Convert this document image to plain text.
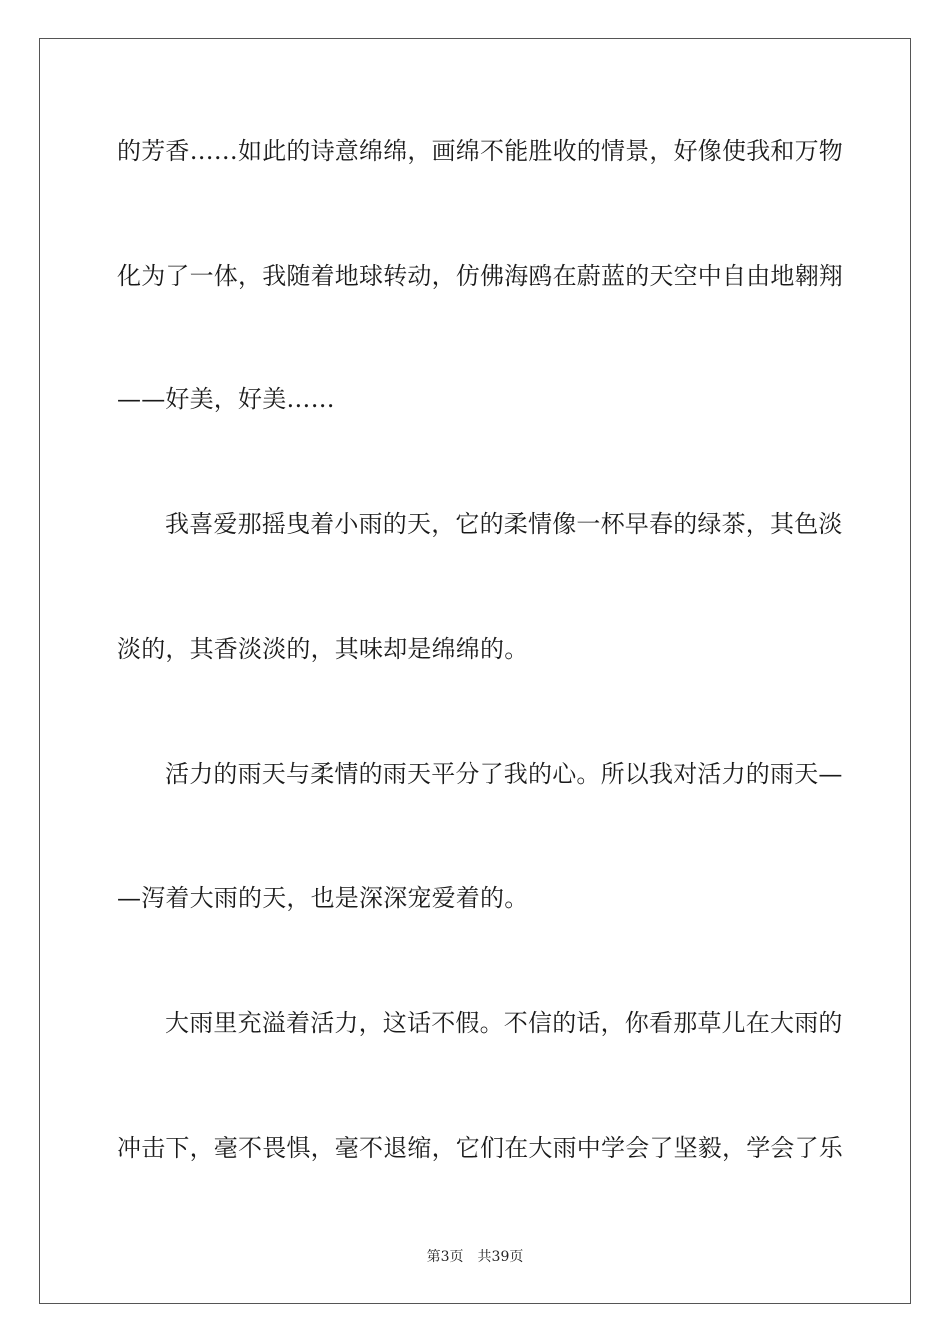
的芳香……如此的诗意绵绵，画绵不能胜收的情景，好像使我和万物
化为了一体，我随着地球转动，仿佛海鸥在蔚蓝的天空中自由地翱翔
——好美，好美……
我喜爱那摇曳着小雨的天，它的柔情像一杯早春的绿茶，其色淡
淡的，其香淡淡的，其味却是绵绵的。
活力的雨天与柔情的雨天平分了我的心。所以我对活力的雨天—
—泻着大雨的天，也是深深宠爱着的。
大雨里充溢着活力，这话不假。不信的话，你看那草儿在大雨的
冲击下，毫不畏惧，毫不退缩，它们在大雨中学会了坚毅，学会了乐
第3页 共39页
